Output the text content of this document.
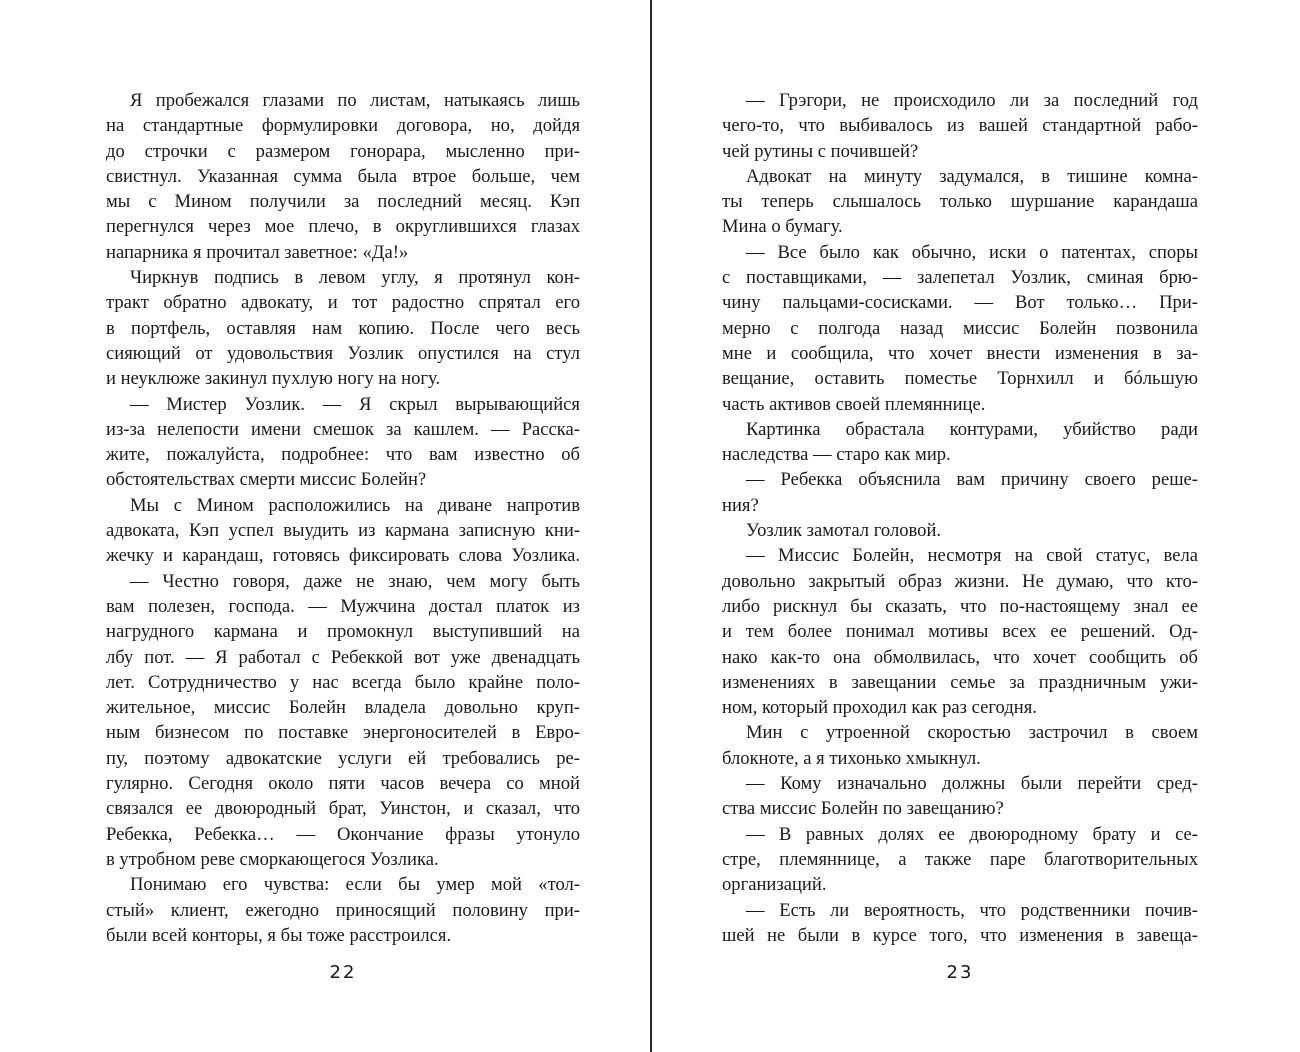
Я пробежался глазами по листам, натыкаясь лишь
на стандартные формулировки договора, но, дойдя
до строчки с размером гонорара, мысленно при-
свистнул. Указанная сумма была втрое больше, чем
мы с Мином получили за последний месяц. Кэп
перегнулся через мое плечо, в округлившихся глазах
напарника я прочитал заветное: «Да!»
Чиркнув подпись в левом углу, я протянул кон-
тракт обратно адвокату, и тот радостно спрятал его
в портфель, оставляя нам копию. После чего весь
сияющий от удовольствия Уозлик опустился на стул
и неуклюже закинул пухлую ногу на ногу.
— Мистер Уозлик. — Я скрыл вырывающийся
из-за нелепости имени смешок за кашлем. — Расска-
жите, пожалуйста, подробнее: что вам известно об
обстоятельствах смерти миссис Болейн?
Мы с Мином расположились на диване напротив
адвоката, Кэп успел выудить из кармана записную кни-
жечку и карандаш, готовясь фиксировать слова Уозлика.
— Честно говоря, даже не знаю, чем могу быть
вам полезен, господа. — Мужчина достал платок из
нагрудного кармана и промокнул выступивший на
лбу пот. — Я работал с Ребеккой вот уже двенадцать
лет. Сотрудничество у нас всегда было крайне поло-
жительное, миссис Болейн владела довольно круп-
ным бизнесом по поставке энергоносителей в Евро-
пу, поэтому адвокатские услуги ей требовались ре-
гулярно. Сегодня около пяти часов вечера со мной
связался ее двоюродный брат, Уинстон, и сказал, что
Ребекка, Ребекка… — Окончание фразы утонуло
в утробном реве сморкающегося Уозлика.
Понимаю его чувства: если бы умер мой «тол-
стый» клиент, ежегодно приносящий половину при-
были всей конторы, я бы тоже расстроился.
22
— Грэгори, не происходило ли за последний год
чего-то, что выбивалось из вашей стандартной рабо-
чей рутины с почившей?
Адвокат на минуту задумался, в тишине комна-
ты теперь слышалось только шуршание карандаша
Мина о бумагу.
— Все было как обычно, иски о патентах, споры
с поставщиками, — залепетал Уозлик, сминая брю-
чину пальцами-сосисками. — Вот только… При-
мерно с полгода назад миссис Болейн позвонила
мне и сообщила, что хочет внести изменения в за-
вещание, оставить поместье Торнхилл и бóльшую
часть активов своей племяннице.
Картинка обрастала контурами, убийство ради
наследства — старо как мир.
— Ребекка объяснила вам причину своего реше-
ния?
Уозлик замотал головой.
— Миссис Болейн, несмотря на свой статус, вела
довольно закрытый образ жизни. Не думаю, что кто-
либо рискнул бы сказать, что по-настоящему знал ее
и тем более понимал мотивы всех ее решений. Од-
нако как-то она обмолвилась, что хочет сообщить об
изменениях в завещании семье за праздничным ужи-
ном, который проходил как раз сегодня.
Мин с утроенной скоростью застрочил в своем
блокноте, а я тихонько хмыкнул.
— Кому изначально должны были перейти сред-
ства миссис Болейн по завещанию?
— В равных долях ее двоюродному брату и се-
стре, племяннице, а также паре благотворительных
организаций.
— Есть ли вероятность, что родственники почив-
шей не были в курсе того, что изменения в завеща-
23
